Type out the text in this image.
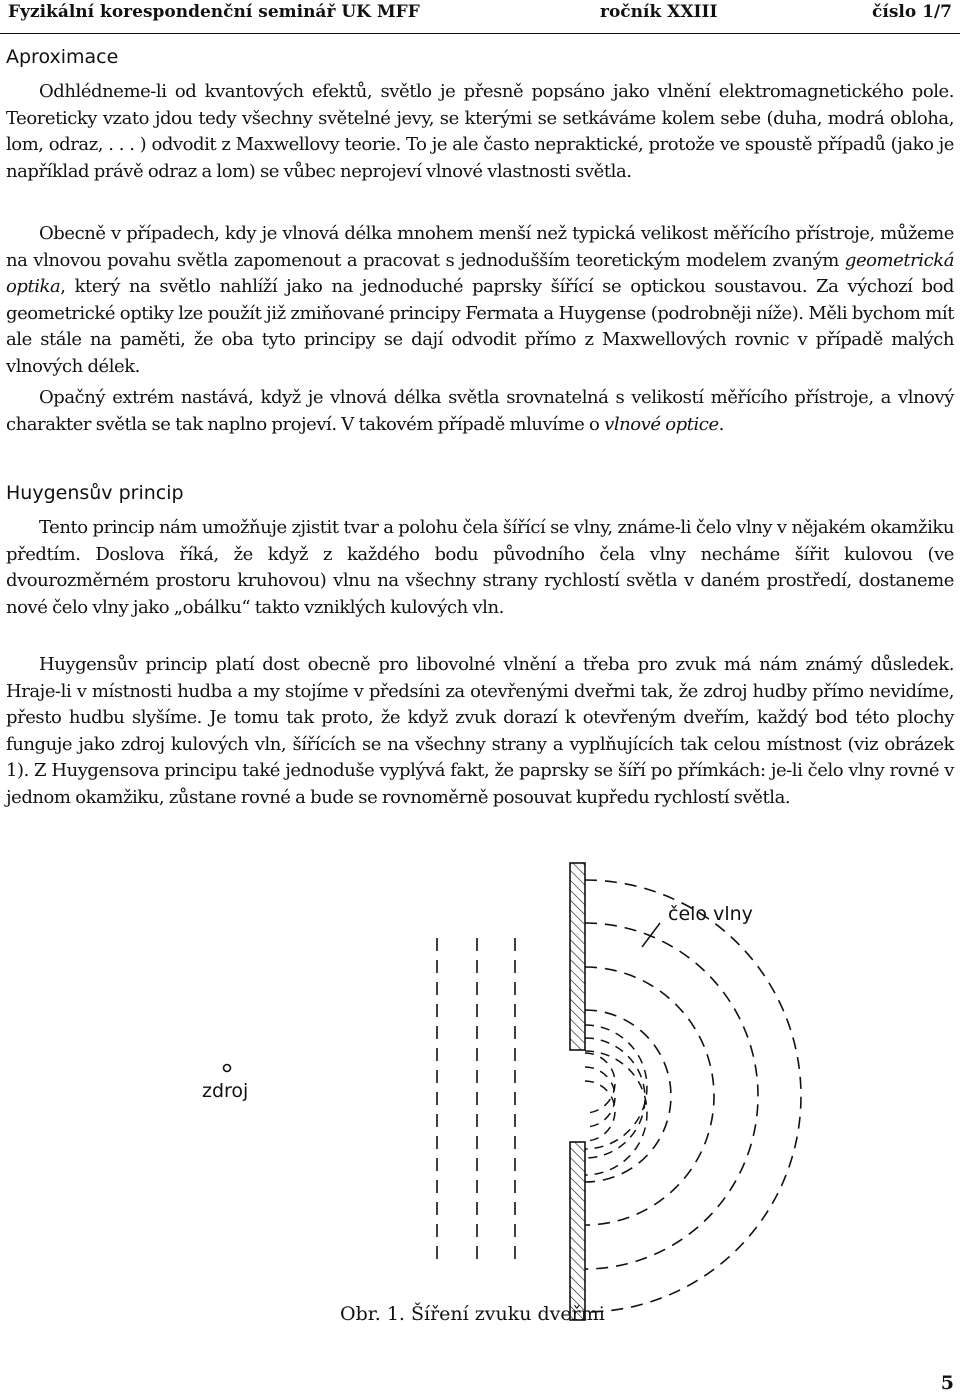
Fyzikální korespondenční seminář UK MFF	ročník XXIII	číslo 1/7
Aproximace

Odhlédneme-li od kvantových efektů, světlo je přesně popsáno jako vlnění elektromagnetického pole. Teoreticky vzato jdou tedy všechny světelné jevy, se kterými se setkáváme kolem sebe (duha, modrá obloha, lom, odraz, . . . ) odvodit z Maxwellovy teorie. To je ale často nepraktické, protože ve spoustě případů (jako je například právě odraz a lom) se vůbec neprojeví vlnové vlastnosti světla.

Obecně v případech, kdy je vlnová délka mnohem menší než typická velikost měřícího přístroje, můžeme na vlnovou povahu světla zapomenout a pracovat s jednodušším teoretickým modelem zvaným geometrická optika, který na světlo nahlíží jako na jednoduché paprsky šířící se optickou soustavou. Za výchozí bod geometrické optiky lze použít již zmiňované principy Fermata a Huygense (podrobněji níže). Měli bychom mít ale stále na paměti, že oba tyto principy se dají odvodit přímo z Maxwellových rovnic v případě malých vlnových délek.

Opačný extrém nastává, když je vlnová délka světla srovnatelná s velikostí měřícího přístroje, a vlnový charakter světla se tak naplno projeví. V takovém případě mluvíme o vlnové optice.

Huygensův princip

Tento princip nám umožňuje zjistit tvar a polohu čela šířící se vlny, známe-li čelo vlny v nějakém okamžiku předtím. Doslova říká, že když z každého bodu původního čela vlny necháme šířit kulovou (ve dvourozměrném prostoru kruhovou) vlnu na všechny strany rychlostí světla v daném prostředí, dostaneme nové čelo vlny jako „obálku“ takto vzniklých kulových vln.

Huygensův princip platí dost obecně pro libovolné vlnění a třeba pro zvuk má nám známý důsledek. Hraje-li v místnosti hudba a my stojíme v předsíni za otevřenými dveřmi tak, že zdroj hudby přímo nevidíme, přesto hudbu slyšíme. Je tomu tak proto, že když zvuk dorazí k otevřeným dveřím, každý bod této plochy funguje jako zdroj kulových vln, šířících se na všechny strany a vyplňujících tak celou místnost (viz obrázek 1). Z Huygensova principu také jednoduše vyplývá fakt, že paprsky se šíří po přímkách: je-li čelo vlny rovné v jednom okamžiku, zůstane rovné a bude se rovnoměrně posouvat kupředu rychlostí světla.

čelo vlny
zdroj
Obr. 1. Šíření zvuku dveřmi
5
